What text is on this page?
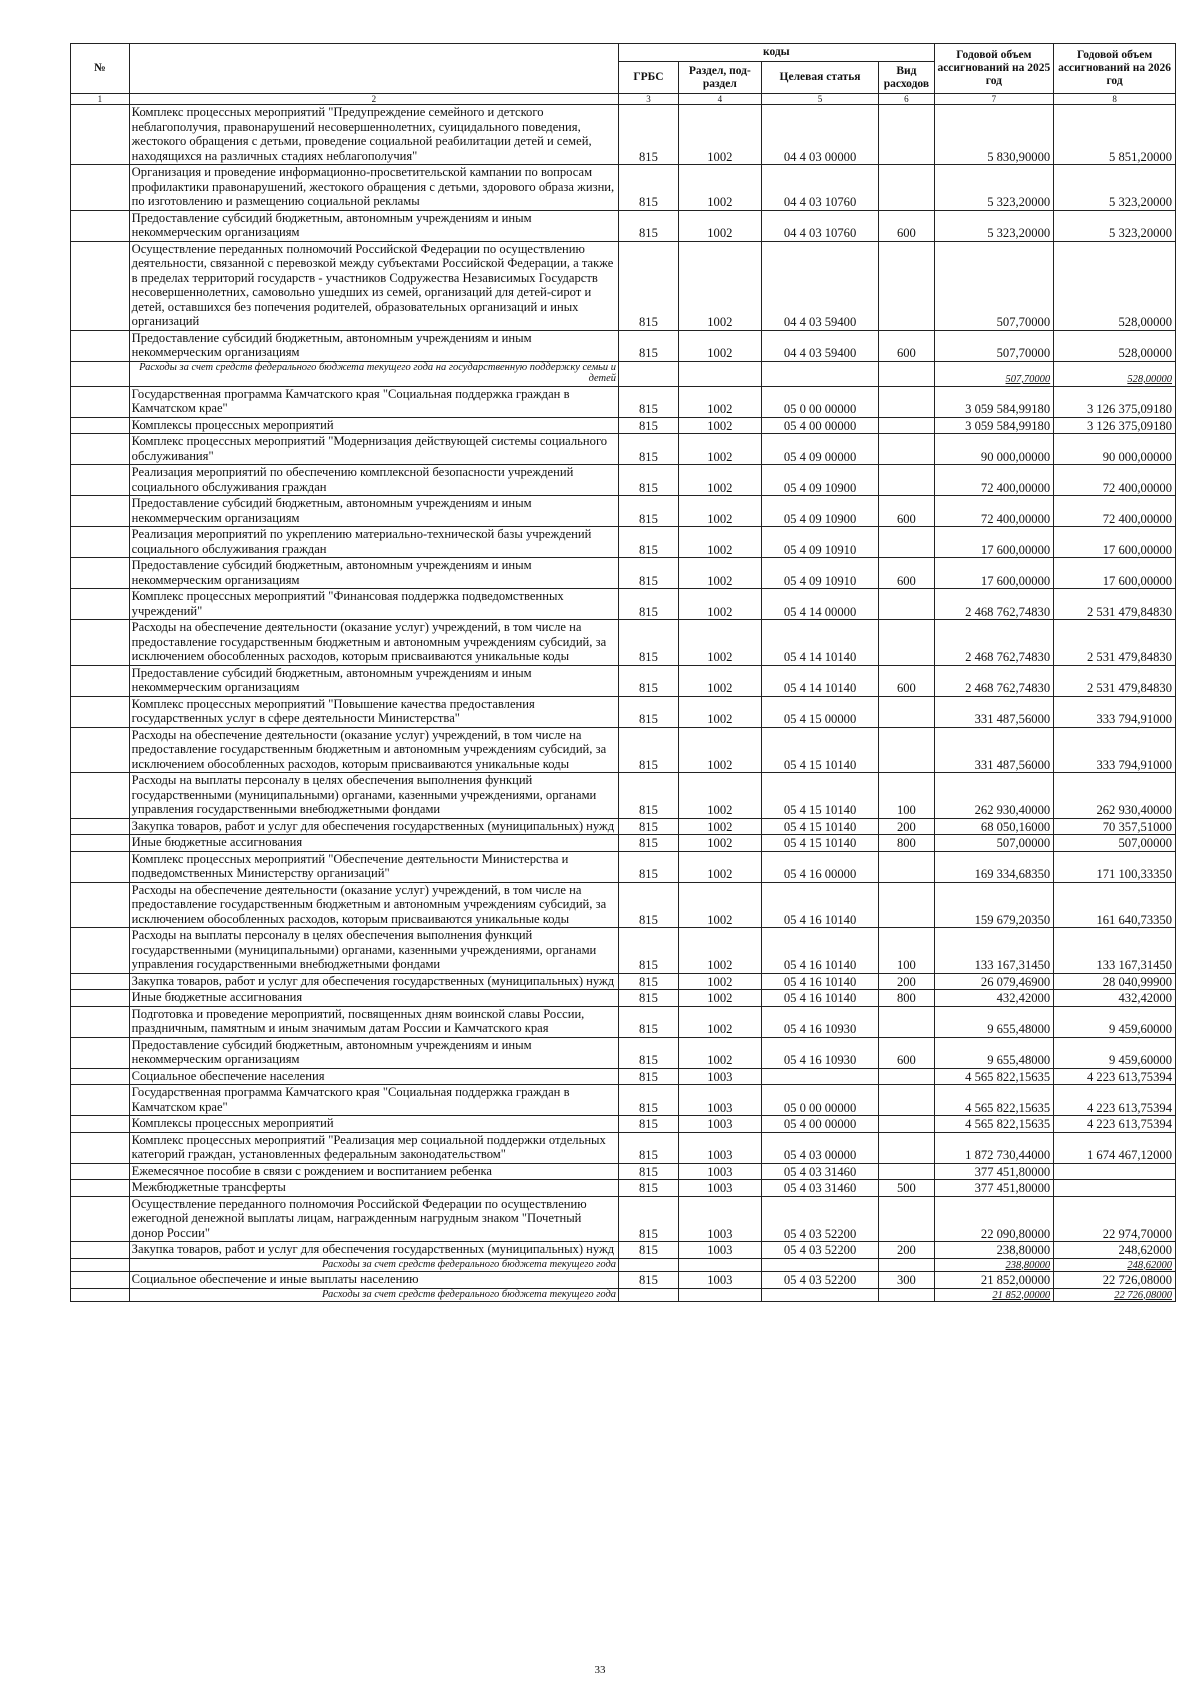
№		коды				Годовой объем ассигнований на 2025 год	Годовой объем ассигнований на 2026 год
		ГРБС	Раздел, под-раздел	Целевая статья	Вид расходов		
1	2	3	4	5	6	7	8
	Комплекс процессных мероприятий "Предупреждение семейного и детского неблагополучия, правонарушений несовершеннолетних, суицидального поведения, жестокого обращения с детьми, проведение социальной реабилитации детей и семей, находящихся на различных стадиях неблагополучия"	815	1002	04 4 03 00000		5 830,90000	5 851,20000
	Организация и проведение информационно-просветительской кампании по вопросам профилактики правонарушений, жестокого обращения с детьми, здорового образа жизни, по изготовлению и размещению социальной рекламы	815	1002	04 4 03 10760		5 323,20000	5 323,20000
	Предоставление субсидий бюджетным, автономным учреждениям и иным некоммерческим организациям	815	1002	04 4 03 10760	600	5 323,20000	5 323,20000
	Осуществление переданных полномочий Российской Федерации по осуществлению деятельности, связанной с перевозкой между субъектами Российской Федерации, а также в пределах территорий государств - участников Содружества Независимых Государств несовершеннолетних, самовольно ушедших из семей, организаций для детей-сирот и детей, оставшихся без попечения родителей, образовательных организаций и иных организаций	815	1002	04 4 03 59400		507,70000	528,00000
	Предоставление субсидий бюджетным, автономным учреждениям и иным некоммерческим организациям	815	1002	04 4 03 59400	600	507,70000	528,00000
	Расходы за счет средств федерального бюджета текущего года на государственную поддержку семьи и детей					507,70000	528,00000
	Государственная программа Камчатского края "Социальная поддержка граждан в Камчатском крае"	815	1002	05 0 00 00000		3 059 584,99180	3 126 375,09180
	Комплексы процессных мероприятий	815	1002	05 4 00 00000		3 059 584,99180	3 126 375,09180
	Комплекс процессных мероприятий "Модернизация действующей системы социального обслуживания"	815	1002	05 4 09 00000		90 000,00000	90 000,00000
	Реализация мероприятий по обеспечению комплексной безопасности учреждений социального обслуживания граждан	815	1002	05 4 09 10900		72 400,00000	72 400,00000
	Предоставление субсидий бюджетным, автономным учреждениям и иным некоммерческим организациям	815	1002	05 4 09 10900	600	72 400,00000	72 400,00000
	Реализация мероприятий по укреплению материально-технической базы учреждений социального обслуживания граждан	815	1002	05 4 09 10910		17 600,00000	17 600,00000
	Предоставление субсидий бюджетным, автономным учреждениям и иным некоммерческим организациям	815	1002	05 4 09 10910	600	17 600,00000	17 600,00000
	Комплекс процессных мероприятий "Финансовая поддержка подведомственных учреждений"	815	1002	05 4 14 00000		2 468 762,74830	2 531 479,84830
	Расходы на обеспечение деятельности (оказание услуг) учреждений, в том числе на предоставление государственным бюджетным и автономным учреждениям субсидий, за исключением обособленных расходов, которым присваиваются уникальные коды	815	1002	05 4 14 10140		2 468 762,74830	2 531 479,84830
	Предоставление субсидий бюджетным, автономным учреждениям и иным некоммерческим организациям	815	1002	05 4 14 10140	600	2 468 762,74830	2 531 479,84830
	Комплекс процессных мероприятий "Повышение качества предоставления государственных услуг в сфере деятельности Министерства"	815	1002	05 4 15 00000		331 487,56000	333 794,91000
	Расходы на обеспечение деятельности (оказание услуг) учреждений, в том числе на предоставление государственным бюджетным и автономным учреждениям субсидий, за исключением обособленных расходов, которым присваиваются уникальные коды	815	1002	05 4 15 10140		331 487,56000	333 794,91000
	Расходы на выплаты персоналу в целях обеспечения выполнения функций государственными (муниципальными) органами, казенными учреждениями, органами управления государственными внебюджетными фондами	815	1002	05 4 15 10140	100	262 930,40000	262 930,40000
	Закупка товаров, работ и услуг для обеспечения государственных (муниципальных) нужд	815	1002	05 4 15 10140	200	68 050,16000	70 357,51000
	Иные бюджетные ассигнования	815	1002	05 4 15 10140	800	507,00000	507,00000
	Комплекс процессных мероприятий "Обеспечение деятельности Министерства и подведомственных Министерству организаций"	815	1002	05 4 16 00000		169 334,68350	171 100,33350
	Расходы на обеспечение деятельности (оказание услуг) учреждений, в том числе на предоставление государственным бюджетным и автономным учреждениям субсидий, за исключением обособленных расходов, которым присваиваются уникальные коды	815	1002	05 4 16 10140		159 679,20350	161 640,73350
	Расходы на выплаты персоналу в целях обеспечения выполнения функций государственными (муниципальными) органами, казенными учреждениями, органами управления государственными внебюджетными фондами	815	1002	05 4 16 10140	100	133 167,31450	133 167,31450
	Закупка товаров, работ и услуг для обеспечения государственных (муниципальных) нужд	815	1002	05 4 16 10140	200	26 079,46900	28 040,99900
	Иные бюджетные ассигнования	815	1002	05 4 16 10140	800	432,42000	432,42000
	Подготовка и проведение мероприятий, посвященных дням воинской славы России, праздничным, памятным и иным значимым датам России и Камчатского края	815	1002	05 4 16 10930		9 655,48000	9 459,60000
	Предоставление субсидий бюджетным, автономным учреждениям и иным некоммерческим организациям	815	1002	05 4 16 10930	600	9 655,48000	9 459,60000
	Социальное обеспечение населения	815	1003			4 565 822,15635	4 223 613,75394
	Государственная программа Камчатского края "Социальная поддержка граждан в Камчатском крае"	815	1003	05 0 00 00000		4 565 822,15635	4 223 613,75394
	Комплексы процессных мероприятий	815	1003	05 4 00 00000		4 565 822,15635	4 223 613,75394
	Комплекс процессных мероприятий "Реализация мер социальной поддержки отдельных категорий граждан, установленных федеральным законодательством"	815	1003	05 4 03 00000		1 872 730,44000	1 674 467,12000
	Ежемесячное пособие в связи с рождением и воспитанием ребенка	815	1003	05 4 03 31460		377 451,80000	
	Межбюджетные трансферты	815	1003	05 4 03 31460	500	377 451,80000	
	Осуществление переданного полномочия Российской Федерации по осуществлению ежегодной денежной выплаты лицам, награжденным нагрудным знаком "Почетный донор России"	815	1003	05 4 03 52200		22 090,80000	22 974,70000
	Закупка товаров, работ и услуг для обеспечения государственных (муниципальных) нужд	815	1003	05 4 03 52200	200	238,80000	248,62000
	Расходы за счет средств федерального бюджета текущего года					238,80000	248,62000
	Социальное обеспечение и иные выплаты населению	815	1003	05 4 03 52200	300	21 852,00000	22 726,08000
	Расходы за счет средств федерального бюджета текущего года					21 852,00000	22 726,08000
33
